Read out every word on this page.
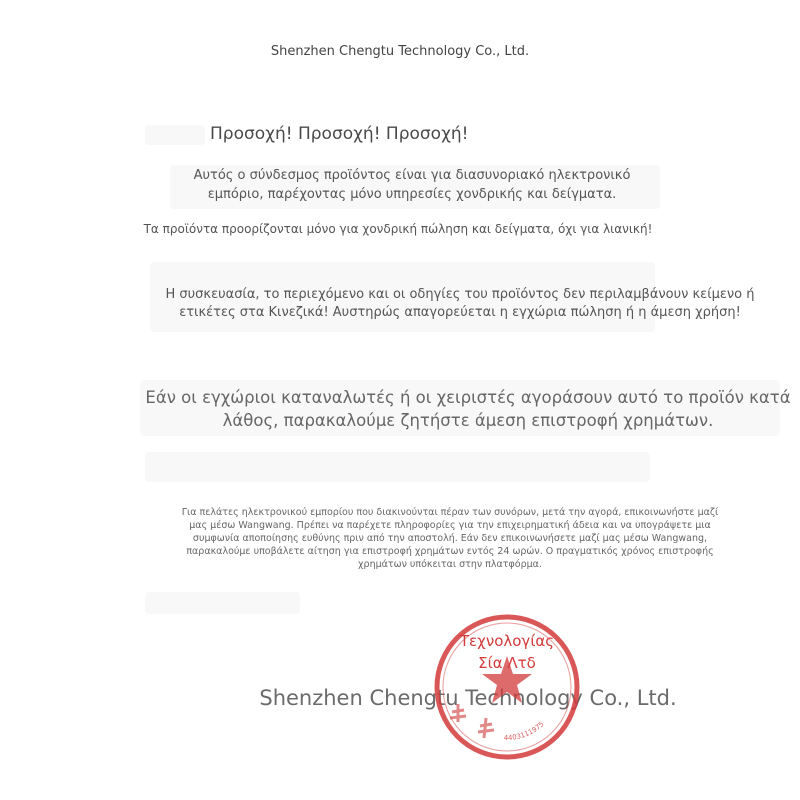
Shenzhen Chengtu Technology Co., Ltd.
Προσοχή! Προσοχή! Προσοχή!
Αυτός ο σύνδεσμος προϊόντος είναι για διασυνοριακό ηλεκτρονικό
εμπόριο, παρέχοντας μόνο υπηρεσίες χονδρικής και δείγματα.
Τα προϊόντα προορίζονται μόνο για χονδρική πώληση και δείγματα, όχι για λιανική!
Η συσκευασία, το περιεχόμενο και οι οδηγίες του προϊόντος δεν περιλαμβάνουν κείμενο ή
ετικέτες στα Κινεζικά! Αυστηρώς απαγορεύεται η εγχώρια πώληση ή η άμεση χρήση!
Εάν οι εγχώριοι καταναλωτές ή οι χειριστές αγοράσουν αυτό το προϊόν κατά
λάθος, παρακαλούμε ζητήστε άμεση επιστροφή χρημάτων.
Για πελάτες ηλεκτρονικού εμπορίου που διακινούνται πέραν των συνόρων, μετά την αγορά, επικοινωνήστε μαζί
μας μέσω Wangwang. Πρέπει να παρέχετε πληροφορίες για την επιχειρηματική άδεια και να υπογράψετε μια
συμφωνία αποποίησης ευθύνης πριν από την αποστολή. Εάν δεν επικοινωνήσετε μαζί μας μέσω Wangwang,
παρακαλούμε υποβάλετε αίτηση για επιστροφή χρημάτων εντός 24 ωρών. Ο πραγματικός χρόνος επιστροφής
χρημάτων υπόκειται στην πλατφόρμα.
Shenzhen Chengtu Technology Co., Ltd.
4403111975
Τεχνολογίας
Σία Λτδ
